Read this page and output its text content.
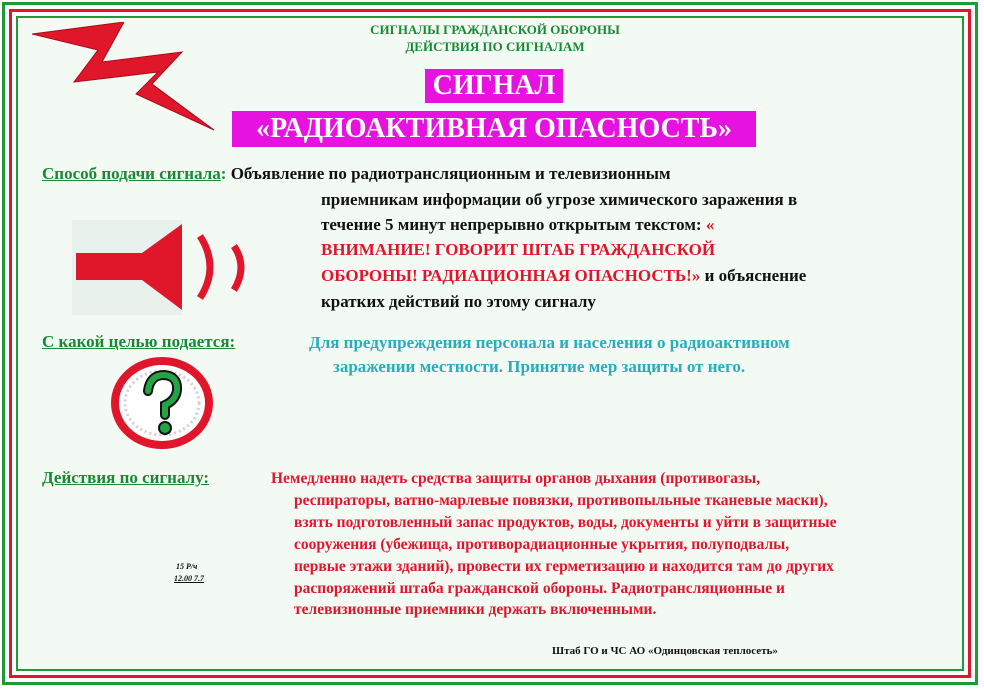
СИГНАЛЫ ГРАЖДАНСКОЙ ОБОРОНЫ
ДЕЙСТВИЯ ПО СИГНАЛАМ
СИГНАЛ
«РАДИОАКТИВНАЯ ОПАСНОСТЬ»
Способ подачи сигнала: Объявление по радиотрансляционным и телевизионным
приемникам информации об угрозе химического заражения в
течение 5 минут непрерывно открытым текстом: «
ВНИМАНИЕ! ГОВОРИТ ШТАБ ГРАЖДАНСКОЙ
ОБОРОНЫ! РАДИАЦИОННАЯ ОПАСНОСТЬ!» и объяснение
кратких действий по этому сигналу
С какой целью подается:	Для предупреждения персонала и населения о радиоактивном
заражении местности. Принятие мер защиты от него.
Действия по сигналу:	Немедленно надеть средства защиты органов дыхания (противогазы,
респираторы, ватно-марлевые повязки, противопыльные тканевые маски),
взять подготовленный запас продуктов, воды, документы и уйти в защитные
сооружения (убежища, противорадиационные укрытия, полуподвалы,
первые этажи зданий), провести их герметизацию и находится там до других
распоряжений штаба гражданской обороны. Радиотрансляционные и
телевизионные приемники держать включенными.
15 Р/ч
12.00 7.7
Штаб ГО и ЧС АО «Одинцовская теплосеть»
